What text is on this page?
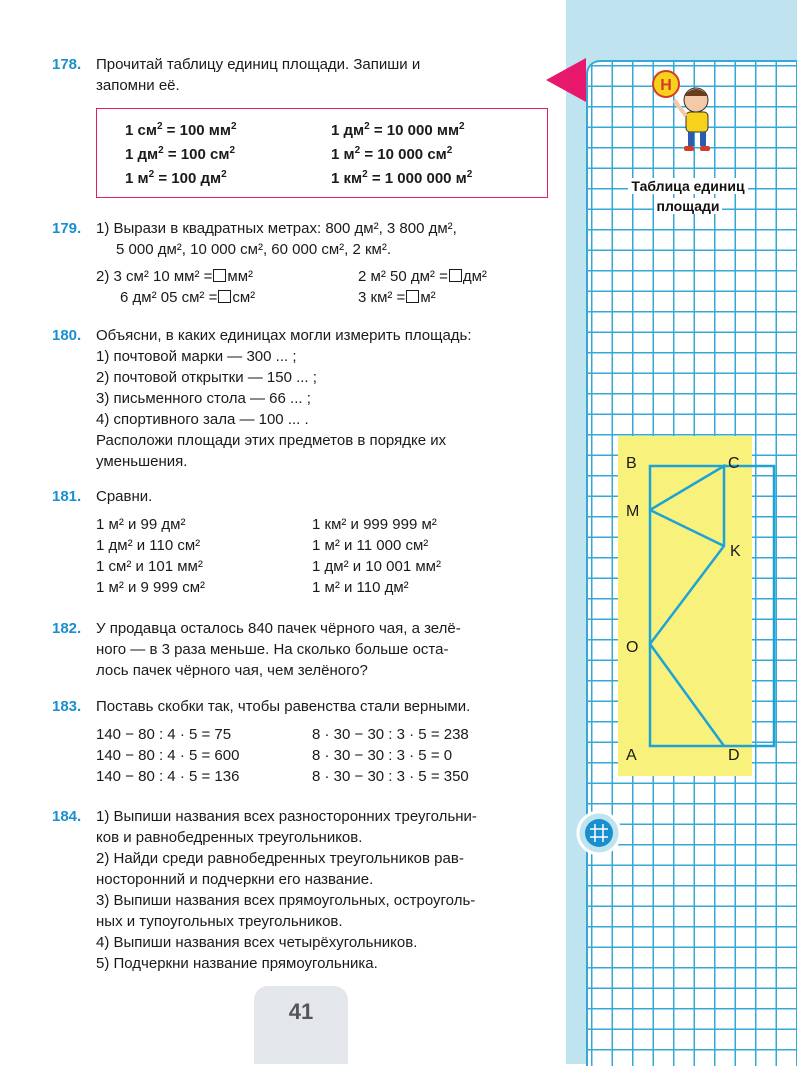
Н
Таблица единиц
площади
B	C
M
K
O
A	D
178. Прочитай таблицу единиц площади. Запиши и
запомни её.
1 $см^2 = 100$ $мм^2$
1 $дм^2 = 100$ $см^2$
1 $м^2 = 100$ $дм^2$
1 $дм^2 = 10$ 000 $мм^2$
1 $м^2 = 10$ 000 $см^2$
1 $км^2 = 1$ 000 000 $м^2$
179. 1) Вырази в квадратных метрах: 800 дм², 3 800 дм²,
5 000 дм², 10 000 см², 60 000 см², 2 км².
2) 3 см² 10 мм² = мм²
6 дм² 05 см² = см²
2 м² 50 дм² = дм²
3 км² = м²
180. Объясни, в каких единицах могли измерить площадь:
1) почтовой марки — 300 ... ;
2) почтовой открытки — 150 ... ;
3) письменного стола — 66 ... ;
4) спортивного зала — 100 ... .
Расположи площади этих предметов в порядке их
уменьшения.
181. Сравни.
1 м² и 99 дм²
1 дм² и 110 см²
1 см² и 101 мм²
1 м² и 9 999 см²
1 км² и 999 999 м²
1 м² и 11 000 см²
1 дм² и 10 001 мм²
1 м² и 110 дм²
182. У продавца осталось 840 пачек чёрного чая, а зелё-
ного — в 3 раза меньше. На сколько больше оста-
лось пачек чёрного чая, чем зелёного?
183. Поставь скобки так, чтобы равенства стали верными.
140 − 80 : 4 · 5 = 75
140 − 80 : 4 · 5 = 600
140 − 80 : 4 · 5 = 136
8 · 30 − 30 : 3 · 5 = 238
8 · 30 − 30 : 3 · 5 = 0
8 · 30 − 30 : 3 · 5 = 350
184. 1) Выпиши названия всех разносторонних треугольни-
ков и равнобедренных треугольников.
2) Найди среди равнобедренных треугольников рав-
носторонний и подчеркни его название.
3) Выпиши названия всех прямоугольных, остроуголь-
ных и тупоугольных треугольников.
4) Выпиши названия всех четырёхугольников.
5) Подчеркни название прямоугольника.
41
